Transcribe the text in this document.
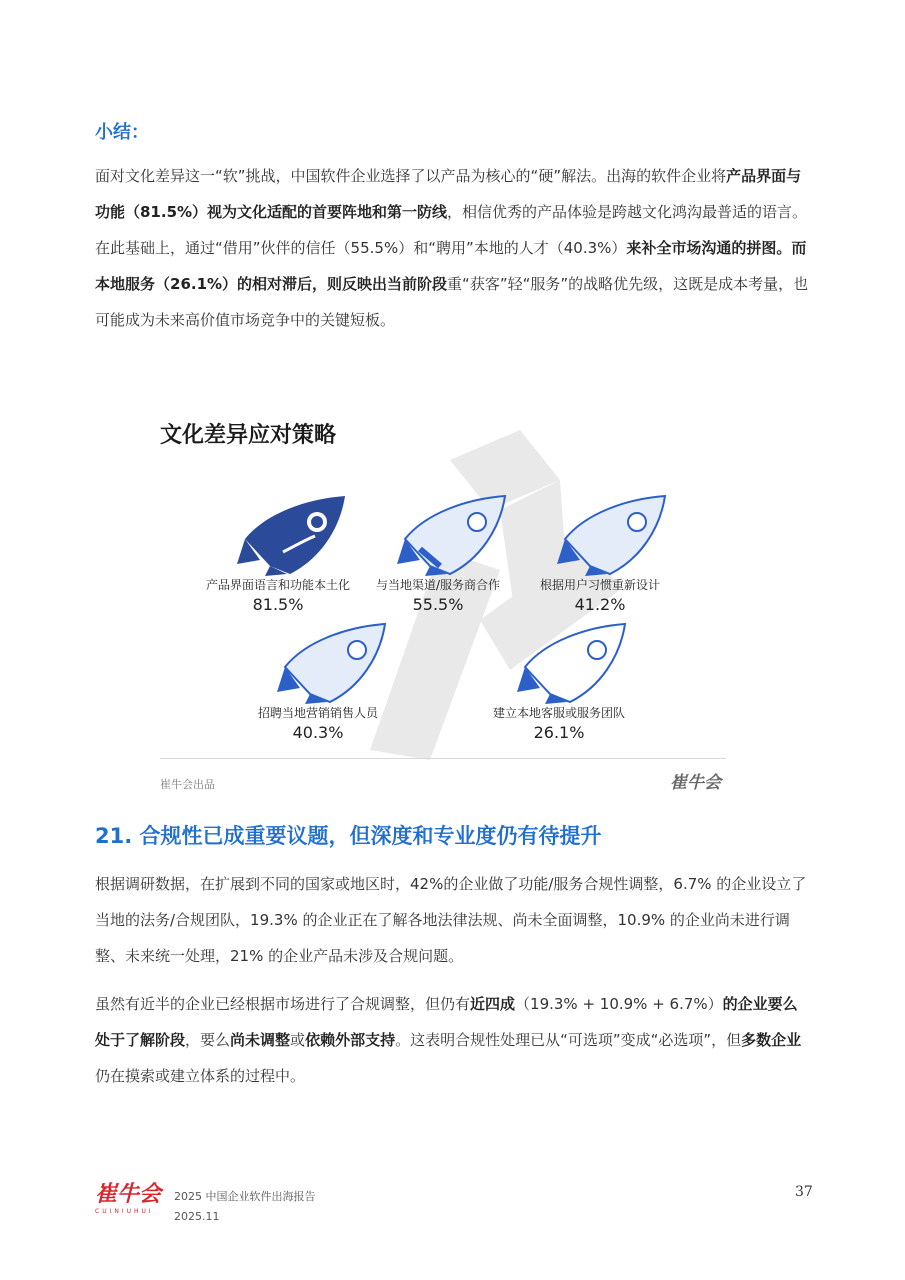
小结：
面对文化差异这一“软”挑战，中国软件企业选择了以产品为核心的“硬”解法。出海的软件企业将产品界面与功能（81.5%）视为文化适配的首要阵地和第一防线，相信优秀的产品体验是跨越文化鸿沟最普适的语言。在此基础上，通过“借用”伙伴的信任（55.5%）和“聘用”本地的人才（40.3%）来补全市场沟通的拼图。而本地服务（26.1%）的相对滞后，则反映出当前阶段重“获客”轻“服务”的战略优先级，这既是成本考量，也可能成为未来高价值市场竞争中的关键短板。
文化差异应对策略
产品界面语言和功能本土化
81.5%
与当地渠道/服务商合作
55.5%
根据用户习惯重新设计
41.2%
招聘当地营销销售人员
40.3%
建立本地客服或服务团队
26.1%
崔牛会出品	崔牛会
21. 合规性已成重要议题，但深度和专业度仍有待提升
根据调研数据，在扩展到不同的国家或地区时，42%的企业做了功能/服务合规性调整，6.7% 的企业设立了当地的法务/合规团队，19.3% 的企业正在了解各地法律法规、尚未全面调整，10.9% 的企业尚未进行调整、未来统一处理，21% 的企业产品未涉及合规问题。
虽然有近半的企业已经根据市场进行了合规调整，但仍有近四成（19.3% + 10.9% + 6.7%）的企业要么处于了解阶段，要么尚未调整或依赖外部支持。这表明合规性处理已从“可选项”变成“必选项”，但多数企业仍在摸索或建立体系的过程中。
崔牛会
CUINIUHUI
2025 中国企业软件出海报告
2025.11
37
